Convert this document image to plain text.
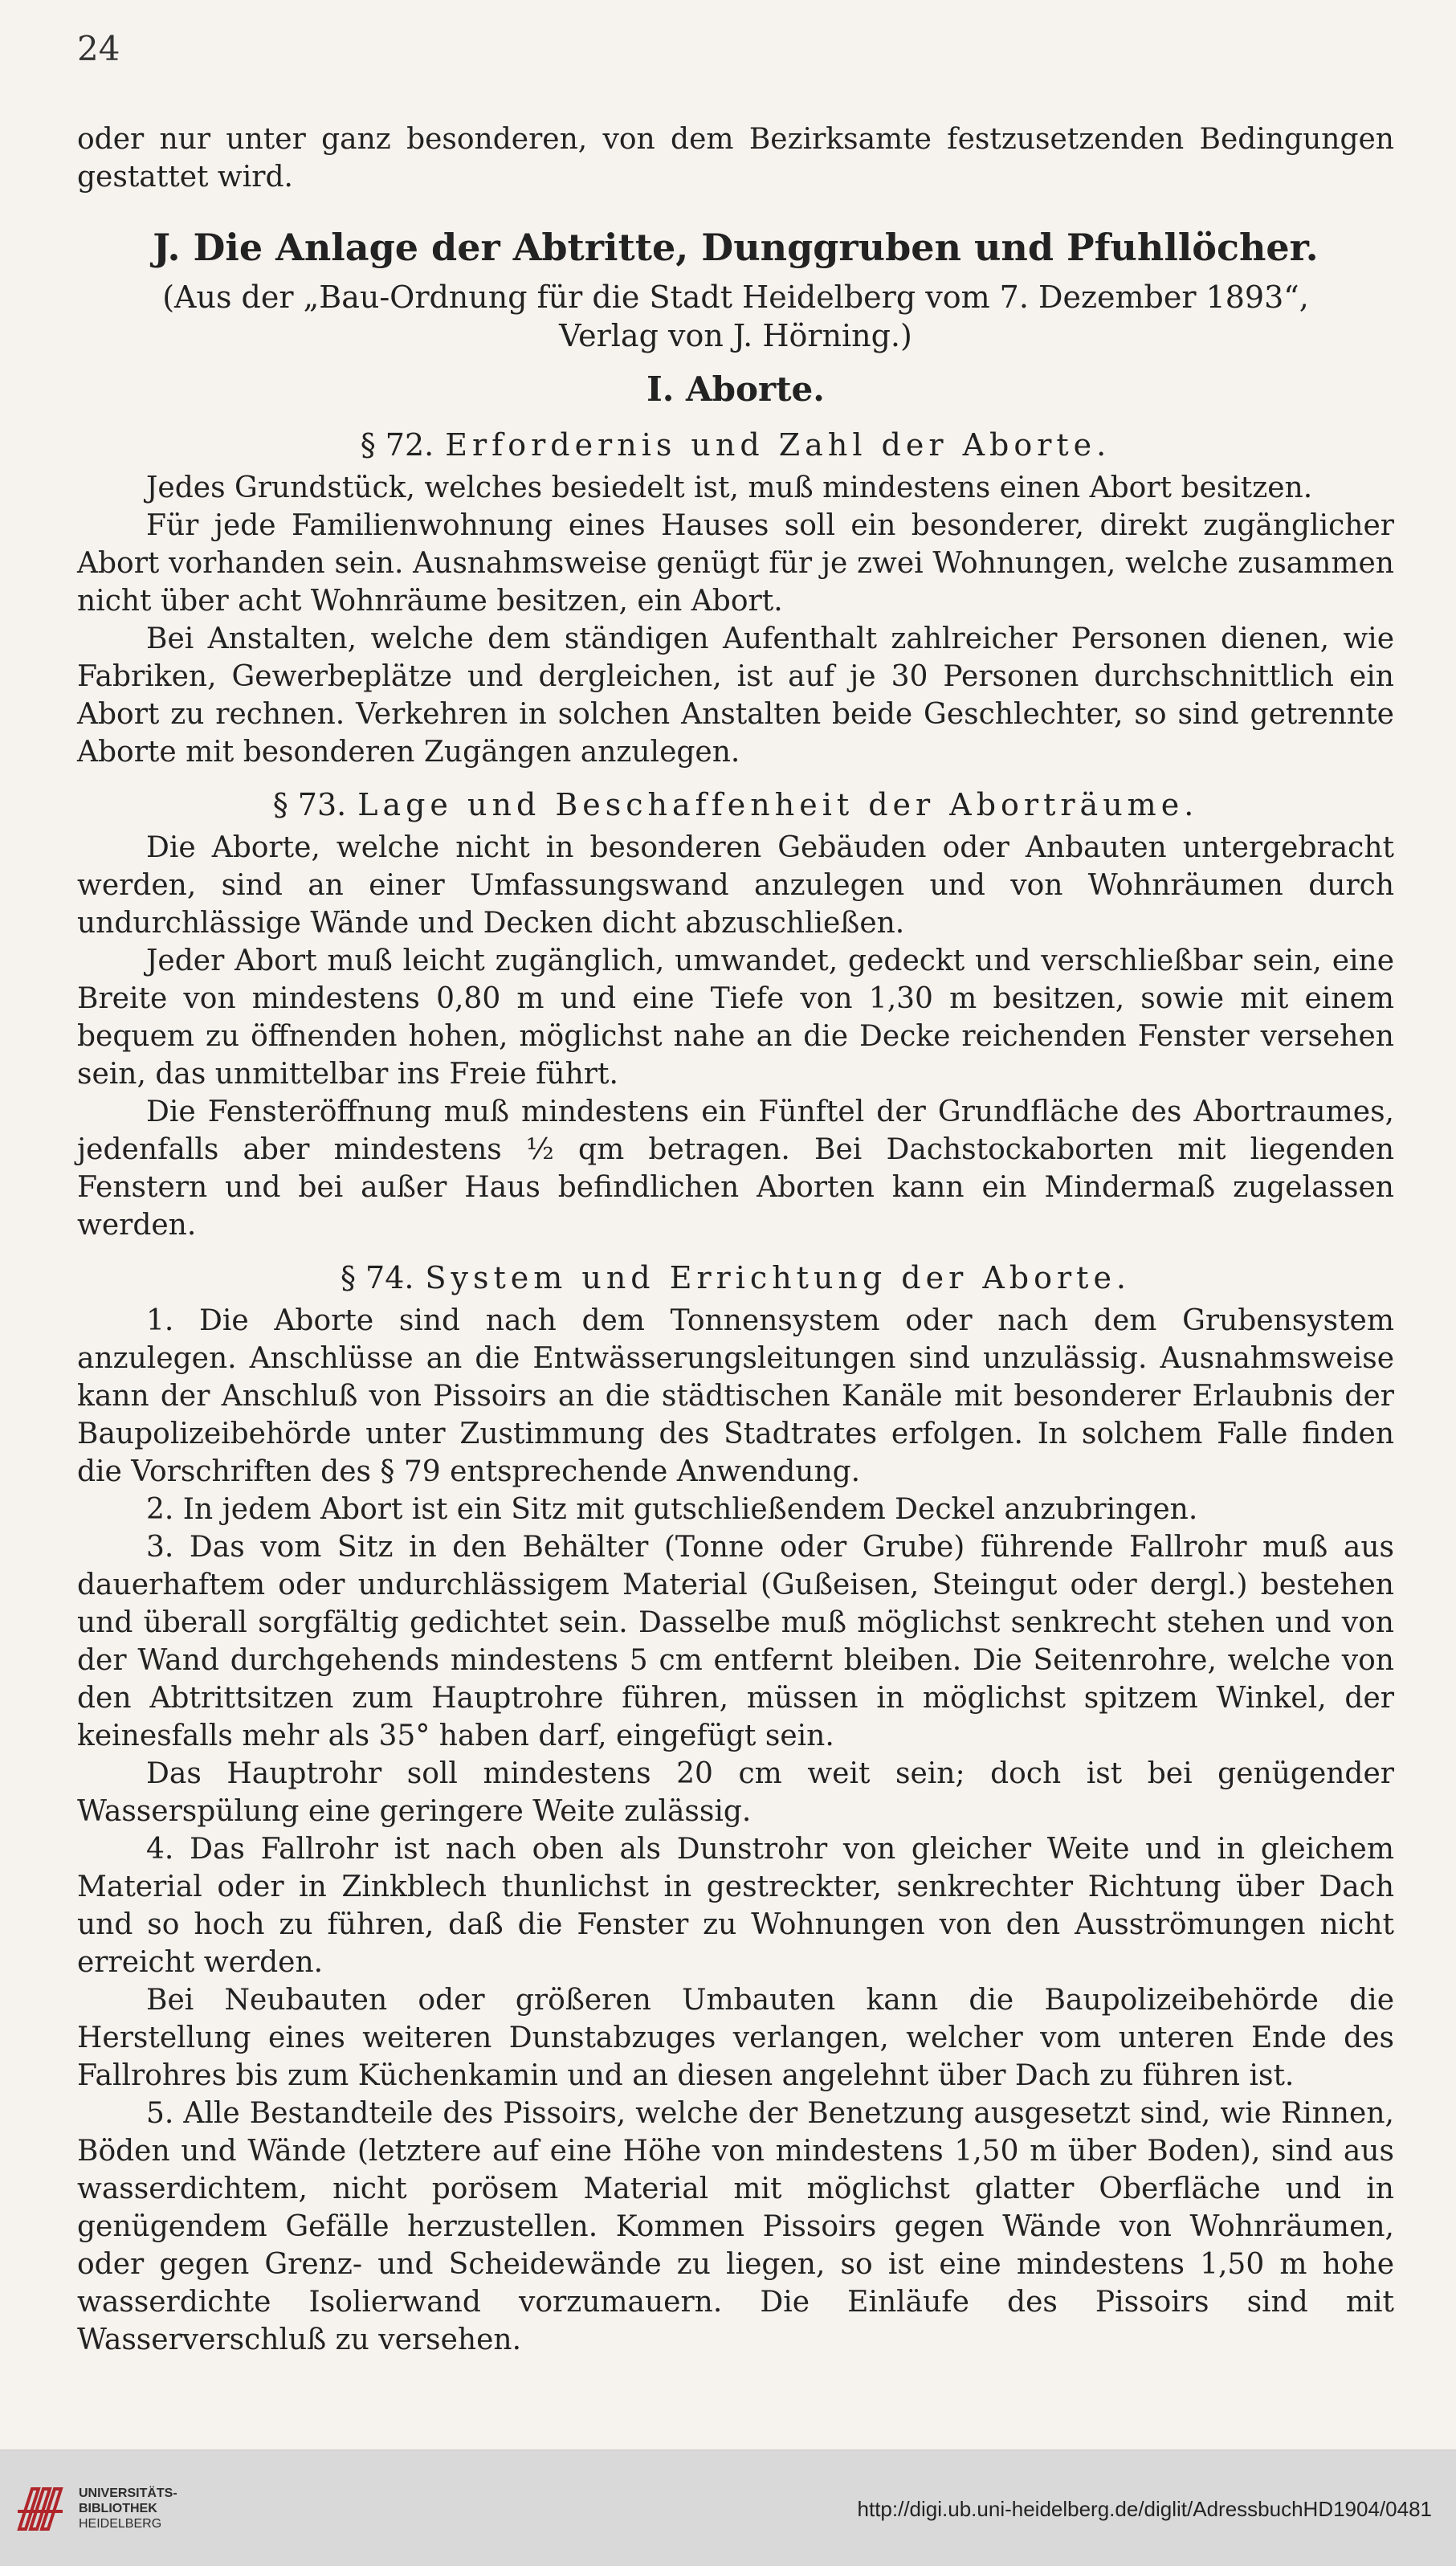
24

oder nur unter ganz besonderen, von dem Bezirksamte festzusetzenden Bedingungen gestattet wird.

J. Die Anlage der Abtritte, Dunggruben und Pfuhllöcher.
(Aus der „Bau-Ordnung für die Stadt Heidelberg vom 7. Dezember 1893“,
Verlag von J. Hörning.)
I. Aborte.
§ 72. Erfordernis und Zahl der Aborte.

Jedes Grundstück, welches besiedelt ist, muß mindestens einen Abort besitzen.

Für jede Familienwohnung eines Hauses soll ein besonderer, direkt zugänglicher Abort vorhanden sein. Ausnahmsweise genügt für je zwei Wohnungen, welche zusammen nicht über acht Wohnräume besitzen, ein Abort.

Bei Anstalten, welche dem ständigen Aufenthalt zahlreicher Personen dienen, wie Fabriken, Gewerbeplätze und dergleichen, ist auf je 30 Personen durchschnittlich ein Abort zu rechnen. Verkehren in solchen Anstalten beide Geschlechter, so sind getrennte Aborte mit besonderen Zugängen anzulegen.

§ 73. Lage und Beschaffenheit der Aborträume.

Die Aborte, welche nicht in besonderen Gebäuden oder Anbauten untergebracht werden, sind an einer Umfassungswand anzulegen und von Wohnräumen durch undurchlässige Wände und Decken dicht abzuschließen.

Jeder Abort muß leicht zugänglich, umwandet, gedeckt und verschließbar sein, eine Breite von mindestens 0,80 m und eine Tiefe von 1,30 m besitzen, sowie mit einem bequem zu öffnenden hohen, möglichst nahe an die Decke reichenden Fenster versehen sein, das unmittelbar ins Freie führt.

Die Fensteröffnung muß mindestens ein Fünftel der Grundfläche des Abortraumes, jedenfalls aber mindestens ½ qm betragen. Bei Dachstockaborten mit liegenden Fenstern und bei außer Haus befindlichen Aborten kann ein Mindermaß zugelassen werden.

§ 74. System und Errichtung der Aborte.

1. Die Aborte sind nach dem Tonnensystem oder nach dem Grubensystem anzulegen. Anschlüsse an die Entwässerungsleitungen sind unzulässig. Ausnahmsweise kann der Anschluß von Pissoirs an die städtischen Kanäle mit besonderer Erlaubnis der Baupolizeibehörde unter Zustimmung des Stadtrates erfolgen. In solchem Falle finden die Vorschriften des § 79 entsprechende Anwendung.

2. In jedem Abort ist ein Sitz mit gutschließendem Deckel anzubringen.

3. Das vom Sitz in den Behälter (Tonne oder Grube) führende Fallrohr muß aus dauerhaftem oder undurchlässigem Material (Gußeisen, Steingut oder dergl.) bestehen und überall sorgfältig gedichtet sein. Dasselbe muß möglichst senkrecht stehen und von der Wand durchgehends mindestens 5 cm entfernt bleiben. Die Seitenrohre, welche von den Abtrittsitzen zum Hauptrohre führen, müssen in möglichst spitzem Winkel, der keinesfalls mehr als 35° haben darf, eingefügt sein.

Das Hauptrohr soll mindestens 20 cm weit sein; doch ist bei genügender Wasserspülung eine geringere Weite zulässig.

4. Das Fallrohr ist nach oben als Dunstrohr von gleicher Weite und in gleichem Material oder in Zinkblech thunlichst in gestreckter, senkrechter Richtung über Dach und so hoch zu führen, daß die Fenster zu Wohnungen von den Ausströmungen nicht erreicht werden.

Bei Neubauten oder größeren Umbauten kann die Baupolizeibehörde die Herstellung eines weiteren Dunstabzuges verlangen, welcher vom unteren Ende des Fallrohres bis zum Küchenkamin und an diesen angelehnt über Dach zu führen ist.

5. Alle Bestandteile des Pissoirs, welche der Benetzung ausgesetzt sind, wie Rinnen, Böden und Wände (letztere auf eine Höhe von mindestens 1,50 m über Boden), sind aus wasserdichtem, nicht porösem Material mit möglichst glatter Oberfläche und in genügendem Gefälle herzustellen. Kommen Pissoirs gegen Wände von Wohnräumen, oder gegen Grenz- und Scheidewände zu liegen, so ist eine mindestens 1,50 m hohe wasserdichte Isolierwand vorzumauern. Die Einläufe des Pissoirs sind mit Wasserverschluß zu versehen.

UNIVERSITÄTS-
BIBLIOTHEK
HEIDELBERG
http://digi.ub.uni-heidelberg.de/diglit/AdressbuchHD1904/0481
